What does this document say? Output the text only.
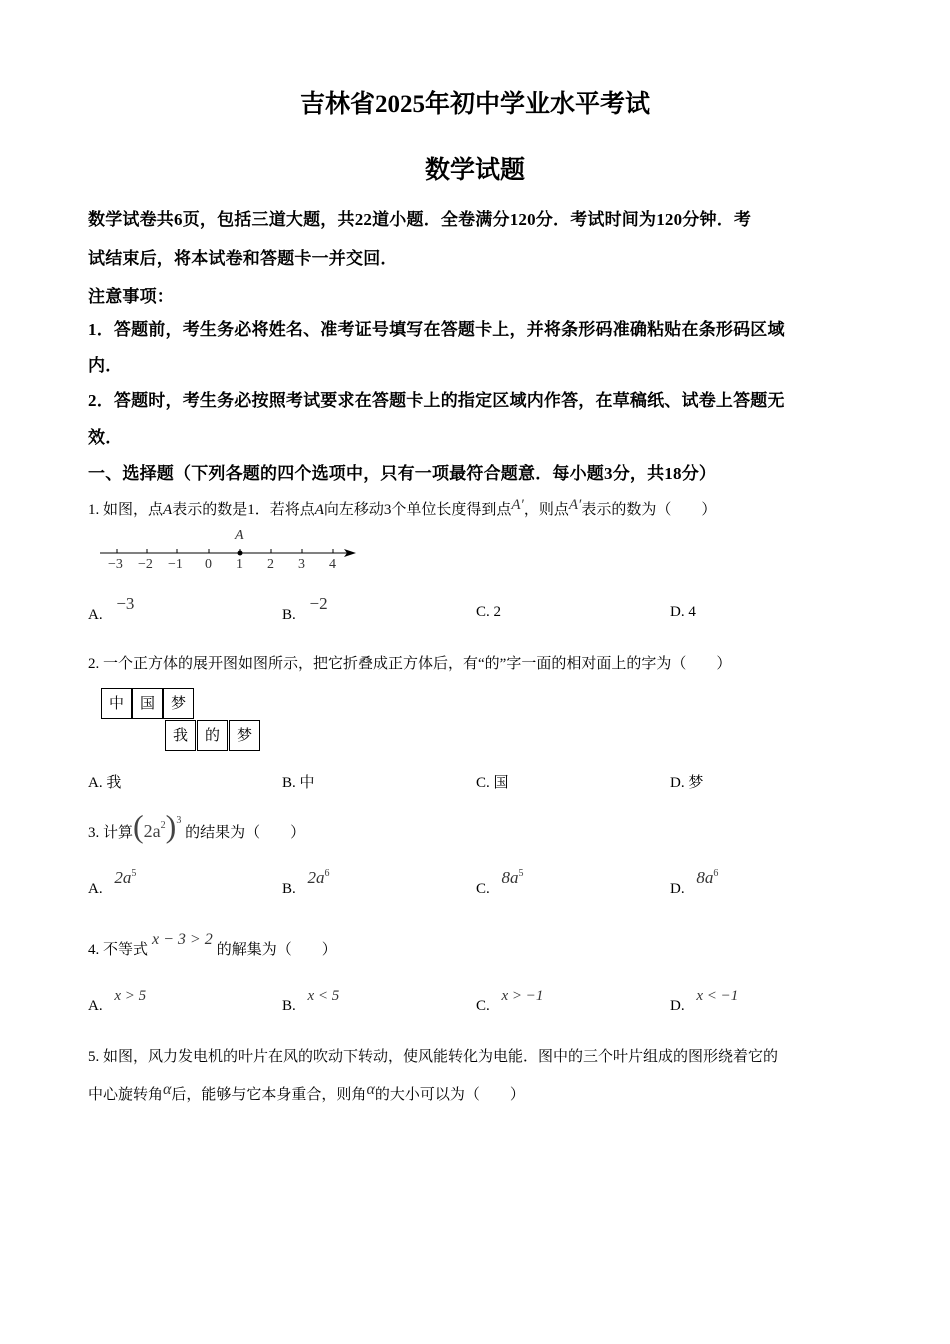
吉林省2025年初中学业水平考试
数学试题
数学试卷共6页，包括三道大题，共22道小题．全卷满分120分．考试时间为120分钟．考
试结束后，将本试卷和答题卡一并交回．
注意事项：
1．答题前，考生务必将姓名、准考证号填写在答题卡上，并将条形码准确粘贴在条形码区域
内．
2．答题时，考生务必按照考试要求在答题卡上的指定区域内作答，在草稿纸、试卷上答题无
效．
一、选择题（下列各题的四个选项中，只有一项最符合题意．每小题3分，共18分）
1. 如图，点A表示的数是1．若将点A向左移动3个单位长度得到点A′，则点A′表示的数为（　　）
A
−3 −2 −1 0 1 2 3 4
A. −3
B. −2	C. 2	D. 4
2. 一个正方体的展开图如图所示，把它折叠成正方体后，有“的”字一面的相对面上的字为（　　）
中	国	梦
我	的	梦
A. 我	B. 中	C. 国	D. 梦
3. 计算$(2a^2)^3$ 的结果为（　　）
A. $2a^5$
B. $2a^6$
C. $8a^5$
D. $8a^6$
4. 不等式x − 3 > 2的解集为（　　）
A. x > 5
B. x < 5
C. x > −1
D. x < −1
5. 如图，风力发电机的叶片在风的吹动下转动，使风能转化为电能．图中的三个叶片组成的图形绕着它的
中心旋转角α后，能够与它本身重合，则角α的大小可以为（　　）
